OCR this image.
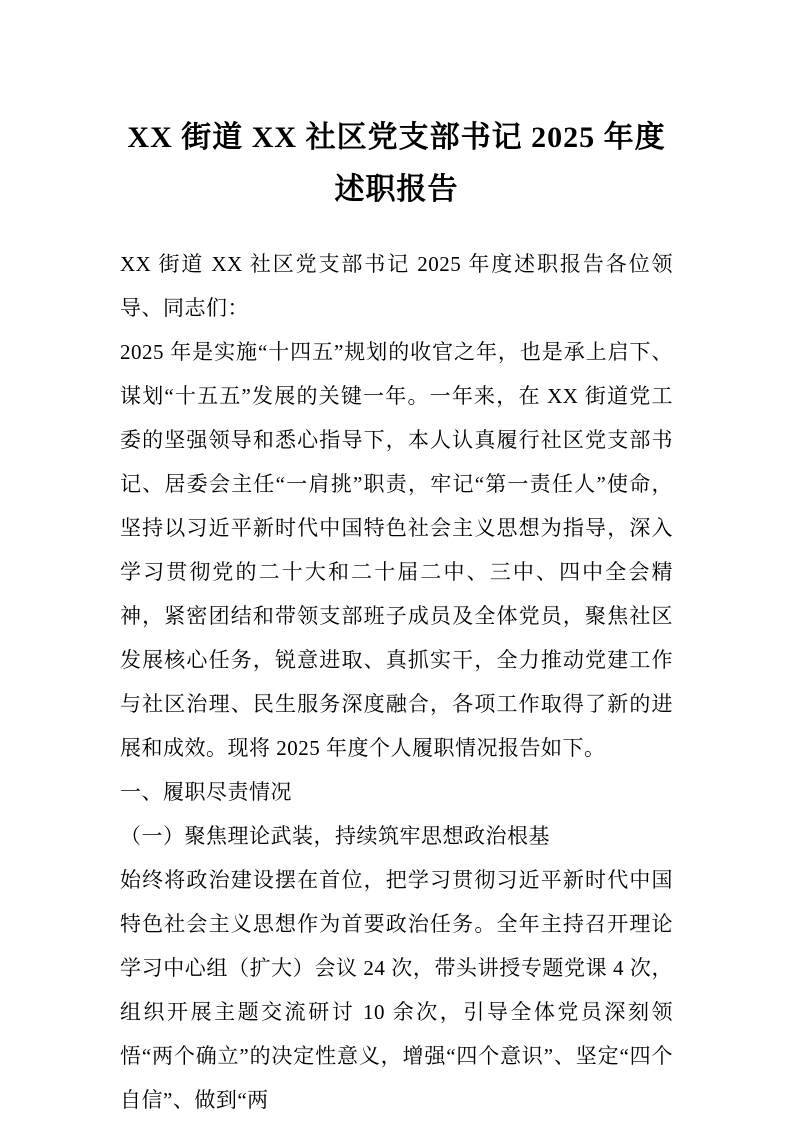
XX 街道 XX 社区党支部书记 2025 年度述职报告

XX 街道 XX 社区党支部书记 2025 年度述职报告各位领导、同志们：

2025 年是实施“十四五”规划的收官之年，也是承上启下、谋划“十五五”发展的关键一年。一年来，在 XX 街道党工委的坚强领导和悉心指导下，本人认真履行社区党支部书记、居委会主任“一肩挑”职责，牢记“第一责任人”使命，坚持以习近平新时代中国特色社会主义思想为指导，深入学习贯彻党的二十大和二十届二中、三中、四中全会精神，紧密团结和带领支部班子成员及全体党员，聚焦社区发展核心任务，锐意进取、真抓实干，全力推动党建工作与社区治理、民生服务深度融合，各项工作取得了新的进展和成效。现将 2025 年度个人履职情况报告如下。

一、履职尽责情况

（一）聚焦理论武装，持续筑牢思想政治根基

始终将政治建设摆在首位，把学习贯彻习近平新时代中国特色社会主义思想作为首要政治任务。全年主持召开理论学习中心组（扩大）会议 24 次，带头讲授专题党课 4 次，组织开展主题交流研讨 10 余次，引导全体党员深刻领悟“两个确立”的决定性意义，增强“四个意识”、坚定“四个自信”、做到“两
